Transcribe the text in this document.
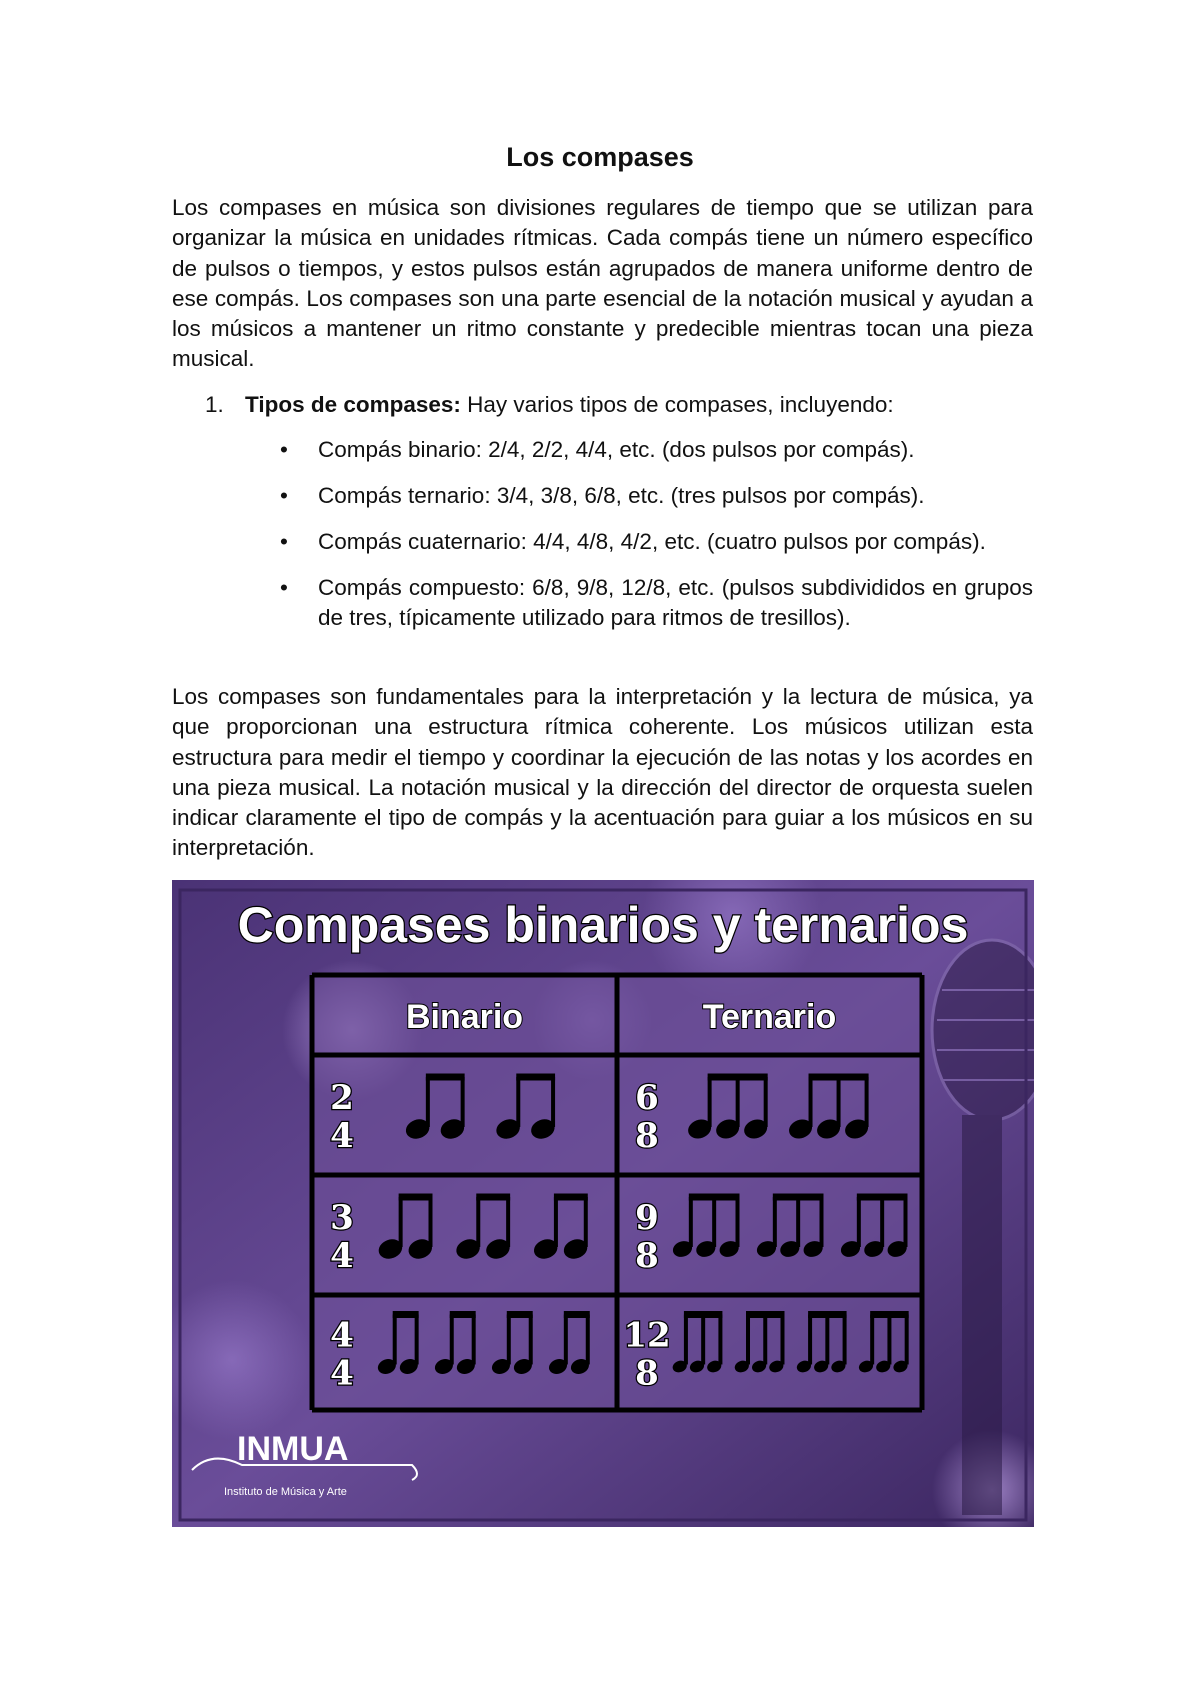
Los compases

Los compases en música son divisiones regulares de tiempo que se utilizan para organizar la música en unidades rítmicas. Cada compás tiene un número específico de pulsos o tiempos, y estos pulsos están agrupados de manera uniforme dentro de ese compás. Los compases son una parte esencial de la notación musical y ayudan a los músicos a mantener un ritmo constante y predecible mientras tocan una pieza musical.

1. Tipos de compases: Hay varios tipos de compases, incluyendo:
• Compás binario: 2/4, 2/2, 4/4, etc. (dos pulsos por compás).
• Compás ternario: 3/4, 3/8, 6/8, etc. (tres pulsos por compás).
• Compás cuaternario: 4/4, 4/8, 4/2, etc. (cuatro pulsos por compás).
• Compás compuesto: 6/8, 9/8, 12/8, etc. (pulsos subdivididos en grupos de tres, típicamente utilizado para ritmos de tresillos).

Los compases son fundamentales para la interpretación y la lectura de música, ya que proporcionan una estructura rítmica coherente. Los músicos utilizan esta estructura para medir el tiempo y coordinar la ejecución de las notas y los acordes en una pieza musical. La notación musical y la dirección del director de orquesta suelen indicar claramente el tipo de compás y la acentuación para guiar a los músicos en su interpretación.

Compases binarios y ternarios
Binario	Ternario
2
4
3
4
4
4
6
8
9
8
12
8
INMUA
Instituto de Música y Arte
